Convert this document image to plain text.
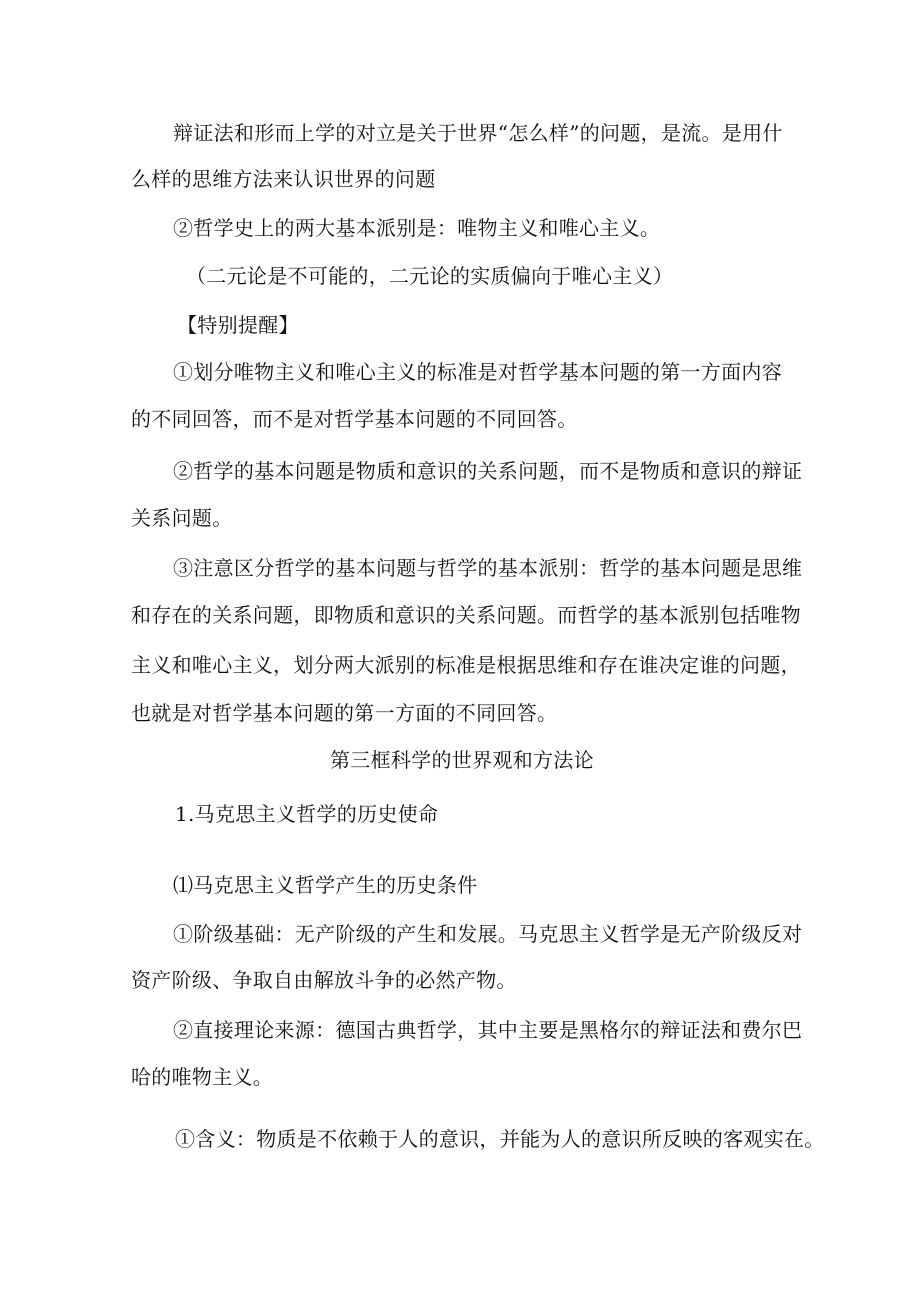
辩证法和形而上学的对立是关于世界“怎么样”的问题，是流。是用什
么样的思维方法来认识世界的问题
②哲学史上的两大基本派别是：唯物主义和唯心主义。
（二元论是不可能的，二元论的实质偏向于唯心主义）
【特别提醒】
①划分唯物主义和唯心主义的标准是对哲学基本问题的第一方面内容
的不同回答，而不是对哲学基本问题的不同回答。
②哲学的基本问题是物质和意识的关系问题，而不是物质和意识的辩证
关系问题。
③注意区分哲学的基本问题与哲学的基本派别：哲学的基本问题是思维
和存在的关系问题，即物质和意识的关系问题。而哲学的基本派别包括唯物
主义和唯心主义，划分两大派别的标准是根据思维和存在谁决定谁的问题，
也就是对哲学基本问题的第一方面的不同回答。
第三框科学的世界观和方法论
1.马克思主义哲学的历史使命
⑴马克思主义哲学产生的历史条件
①阶级基础：无产阶级的产生和发展。马克思主义哲学是无产阶级反对
资产阶级、争取自由解放斗争的必然产物。
②直接理论来源：德国古典哲学，其中主要是黑格尔的辩证法和费尔巴
哈的唯物主义。
①含义：物质是不依赖于人的意识，并能为人的意识所反映的客观实在。
